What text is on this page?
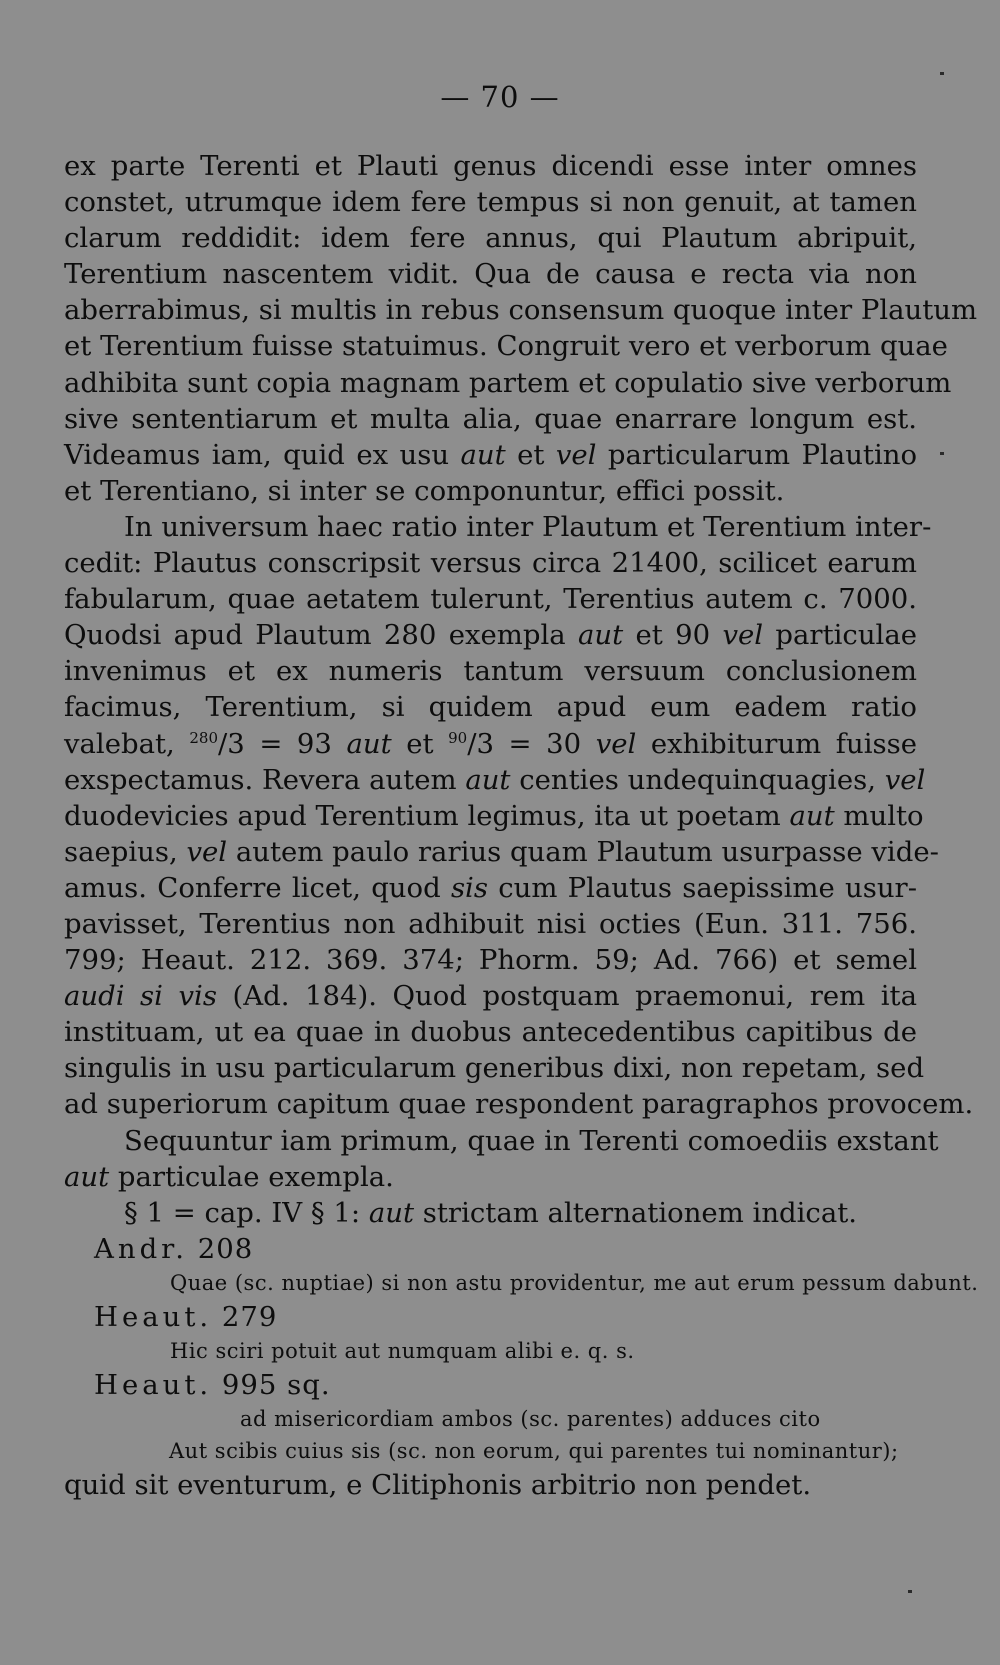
— 70 —
ex parte Terenti et Plauti genus dicendi esse inter omnes
constet, utrumque idem fere tempus si non genuit, at tamen
clarum reddidit: idem fere annus, qui Plautum abripuit,
Terentium nascentem vidit. Qua de causa e recta via non
aberrabimus, si multis in rebus consensum quoque inter Plautum
et Terentium fuisse statuimus. Congruit vero et verborum quae
adhibita sunt copia magnam partem et copulatio sive verborum
sive sententiarum et multa alia, quae enarrare longum est.
Videamus iam, quid ex usu aut et vel particularum Plautino
et Terentiano, si inter se componuntur, effici possit.
In universum haec ratio inter Plautum et Terentium inter-
cedit: Plautus conscripsit versus circa 21400, scilicet earum
fabularum, quae aetatem tulerunt, Terentius autem c. 7000.
Quodsi apud Plautum 280 exempla aut et 90 vel particulae
invenimus et ex numeris tantum versuum conclusionem
facimus, Terentium, si quidem apud eum eadem ratio
valebat, $^{280}$/3 = 93 aut et $^{90}$/3 = 30 vel exhibiturum fuisse
exspectamus. Revera autem aut centies undequinquagies, vel
duodevicies apud Terentium legimus, ita ut poetam aut multo
saepius, vel autem paulo rarius quam Plautum usurpasse vide-
amus. Conferre licet, quod sis cum Plautus saepissime usur-
pavisset, Terentius non adhibuit nisi octies (Eun. 311. 756.
799; Heaut. 212. 369. 374; Phorm. 59; Ad. 766) et semel
audi si vis (Ad. 184). Quod postquam praemonui, rem ita
instituam, ut ea quae in duobus antecedentibus capitibus de
singulis in usu particularum generibus dixi, non repetam, sed
ad superiorum capitum quae respondent paragraphos provocem.
Sequuntur iam primum, quae in Terenti comoediis exstant
aut particulae exempla.
§ 1 = cap. IV § 1: aut strictam alternationem indicat.
Andr. 208
Quae (sc. nuptiae) si non astu providentur, me aut erum pessum dabunt.
Heaut. 279
Hic sciri potuit aut numquam alibi e. q. s.
Heaut. 995 sq.
ad misericordiam ambos (sc. parentes) adduces cito
Aut scibis cuius sis (sc. non eorum, qui parentes tui nominantur);
quid sit eventurum, e Clitiphonis arbitrio non pendet.
